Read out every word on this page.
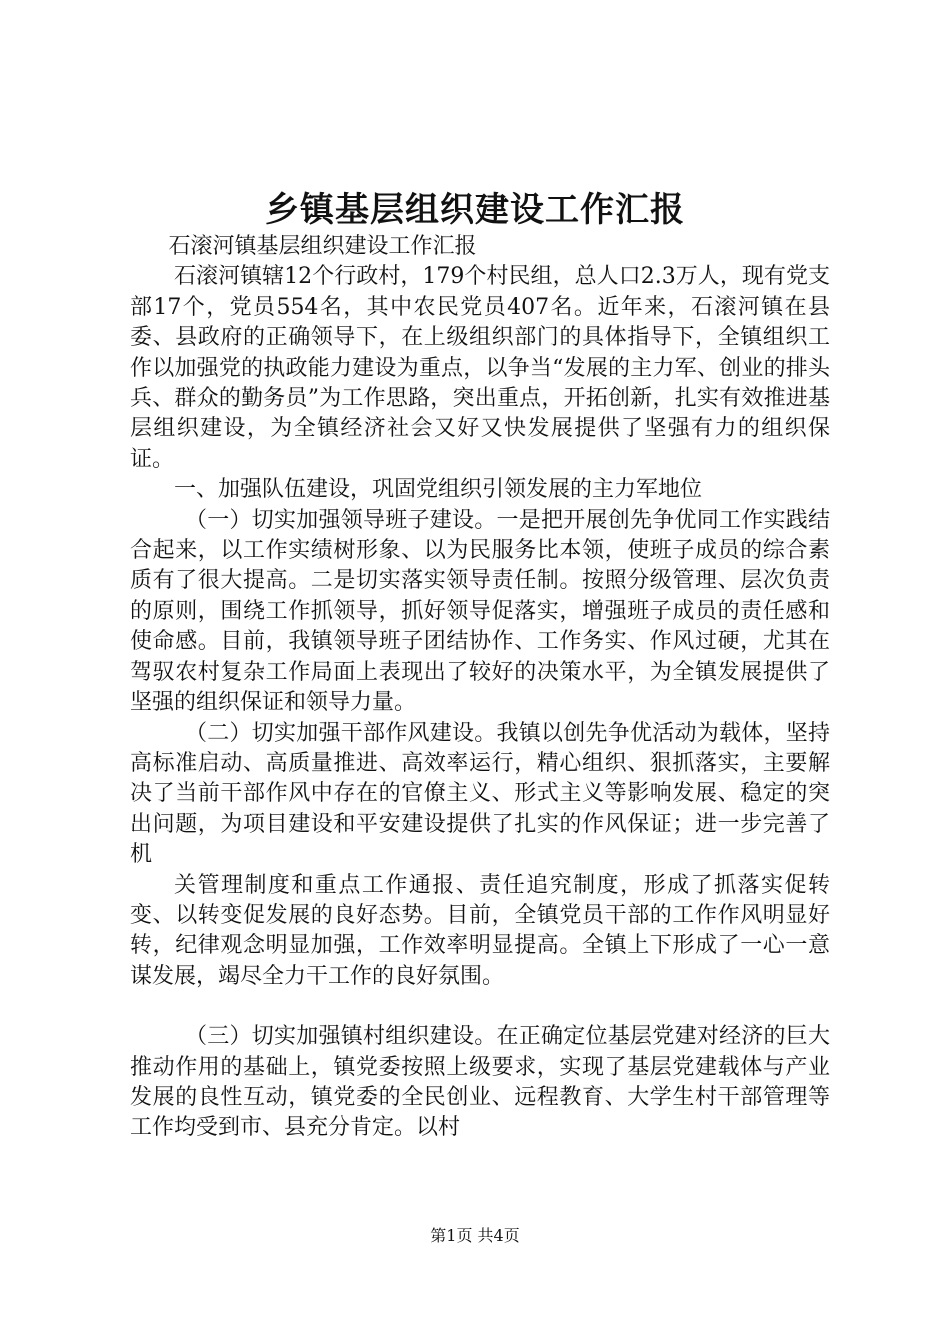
乡镇基层组织建设工作汇报

石滚河镇基层组织建设工作汇报

石滚河镇辖12个行政村，179个村民组，总人口2.3万人，现有党支部17个，党员554名，其中农民党员407名。近年来，石滚河镇在县委、县政府的正确领导下，在上级组织部门的具体指导下，全镇组织工作以加强党的执政能力建设为重点，以争当“发展的主力军、创业的排头兵、群众的勤务员”为工作思路，突出重点，开拓创新，扎实有效推进基层组织建设，为全镇经济社会又好又快发展提供了坚强有力的组织保证。

一、加强队伍建设，巩固党组织引领发展的主力军地位

（一）切实加强领导班子建设。一是把开展创先争优同工作实践结合起来，以工作实绩树形象、以为民服务比本领，使班子成员的综合素质有了很大提高。二是切实落实领导责任制。按照分级管理、层次负责的原则，围绕工作抓领导，抓好领导促落实，增强班子成员的责任感和使命感。目前，我镇领导班子团结协作、工作务实、作风过硬，尤其在驾驭农村复杂工作局面上表现出了较好的决策水平，为全镇发展提供了坚强的组织保证和领导力量。

（二）切实加强干部作风建设。我镇以创先争优活动为载体，坚持高标准启动、高质量推进、高效率运行，精心组织、狠抓落实，主要解决了当前干部作风中存在的官僚主义、形式主义等影响发展、稳定的突出问题，为项目建设和平安建设提供了扎实的作风保证；进一步完善了机

关管理制度和重点工作通报、责任追究制度，形成了抓落实促转变、以转变促发展的良好态势。目前，全镇党员干部的工作作风明显好转，纪律观念明显加强，工作效率明显提高。全镇上下形成了一心一意谋发展，竭尽全力干工作的良好氛围。

（三）切实加强镇村组织建设。在正确定位基层党建对经济的巨大推动作用的基础上，镇党委按照上级要求，实现了基层党建载体与产业发展的良性互动，镇党委的全民创业、远程教育、大学生村干部管理等工作均受到市、县充分肯定。以村

第1页 共4页
